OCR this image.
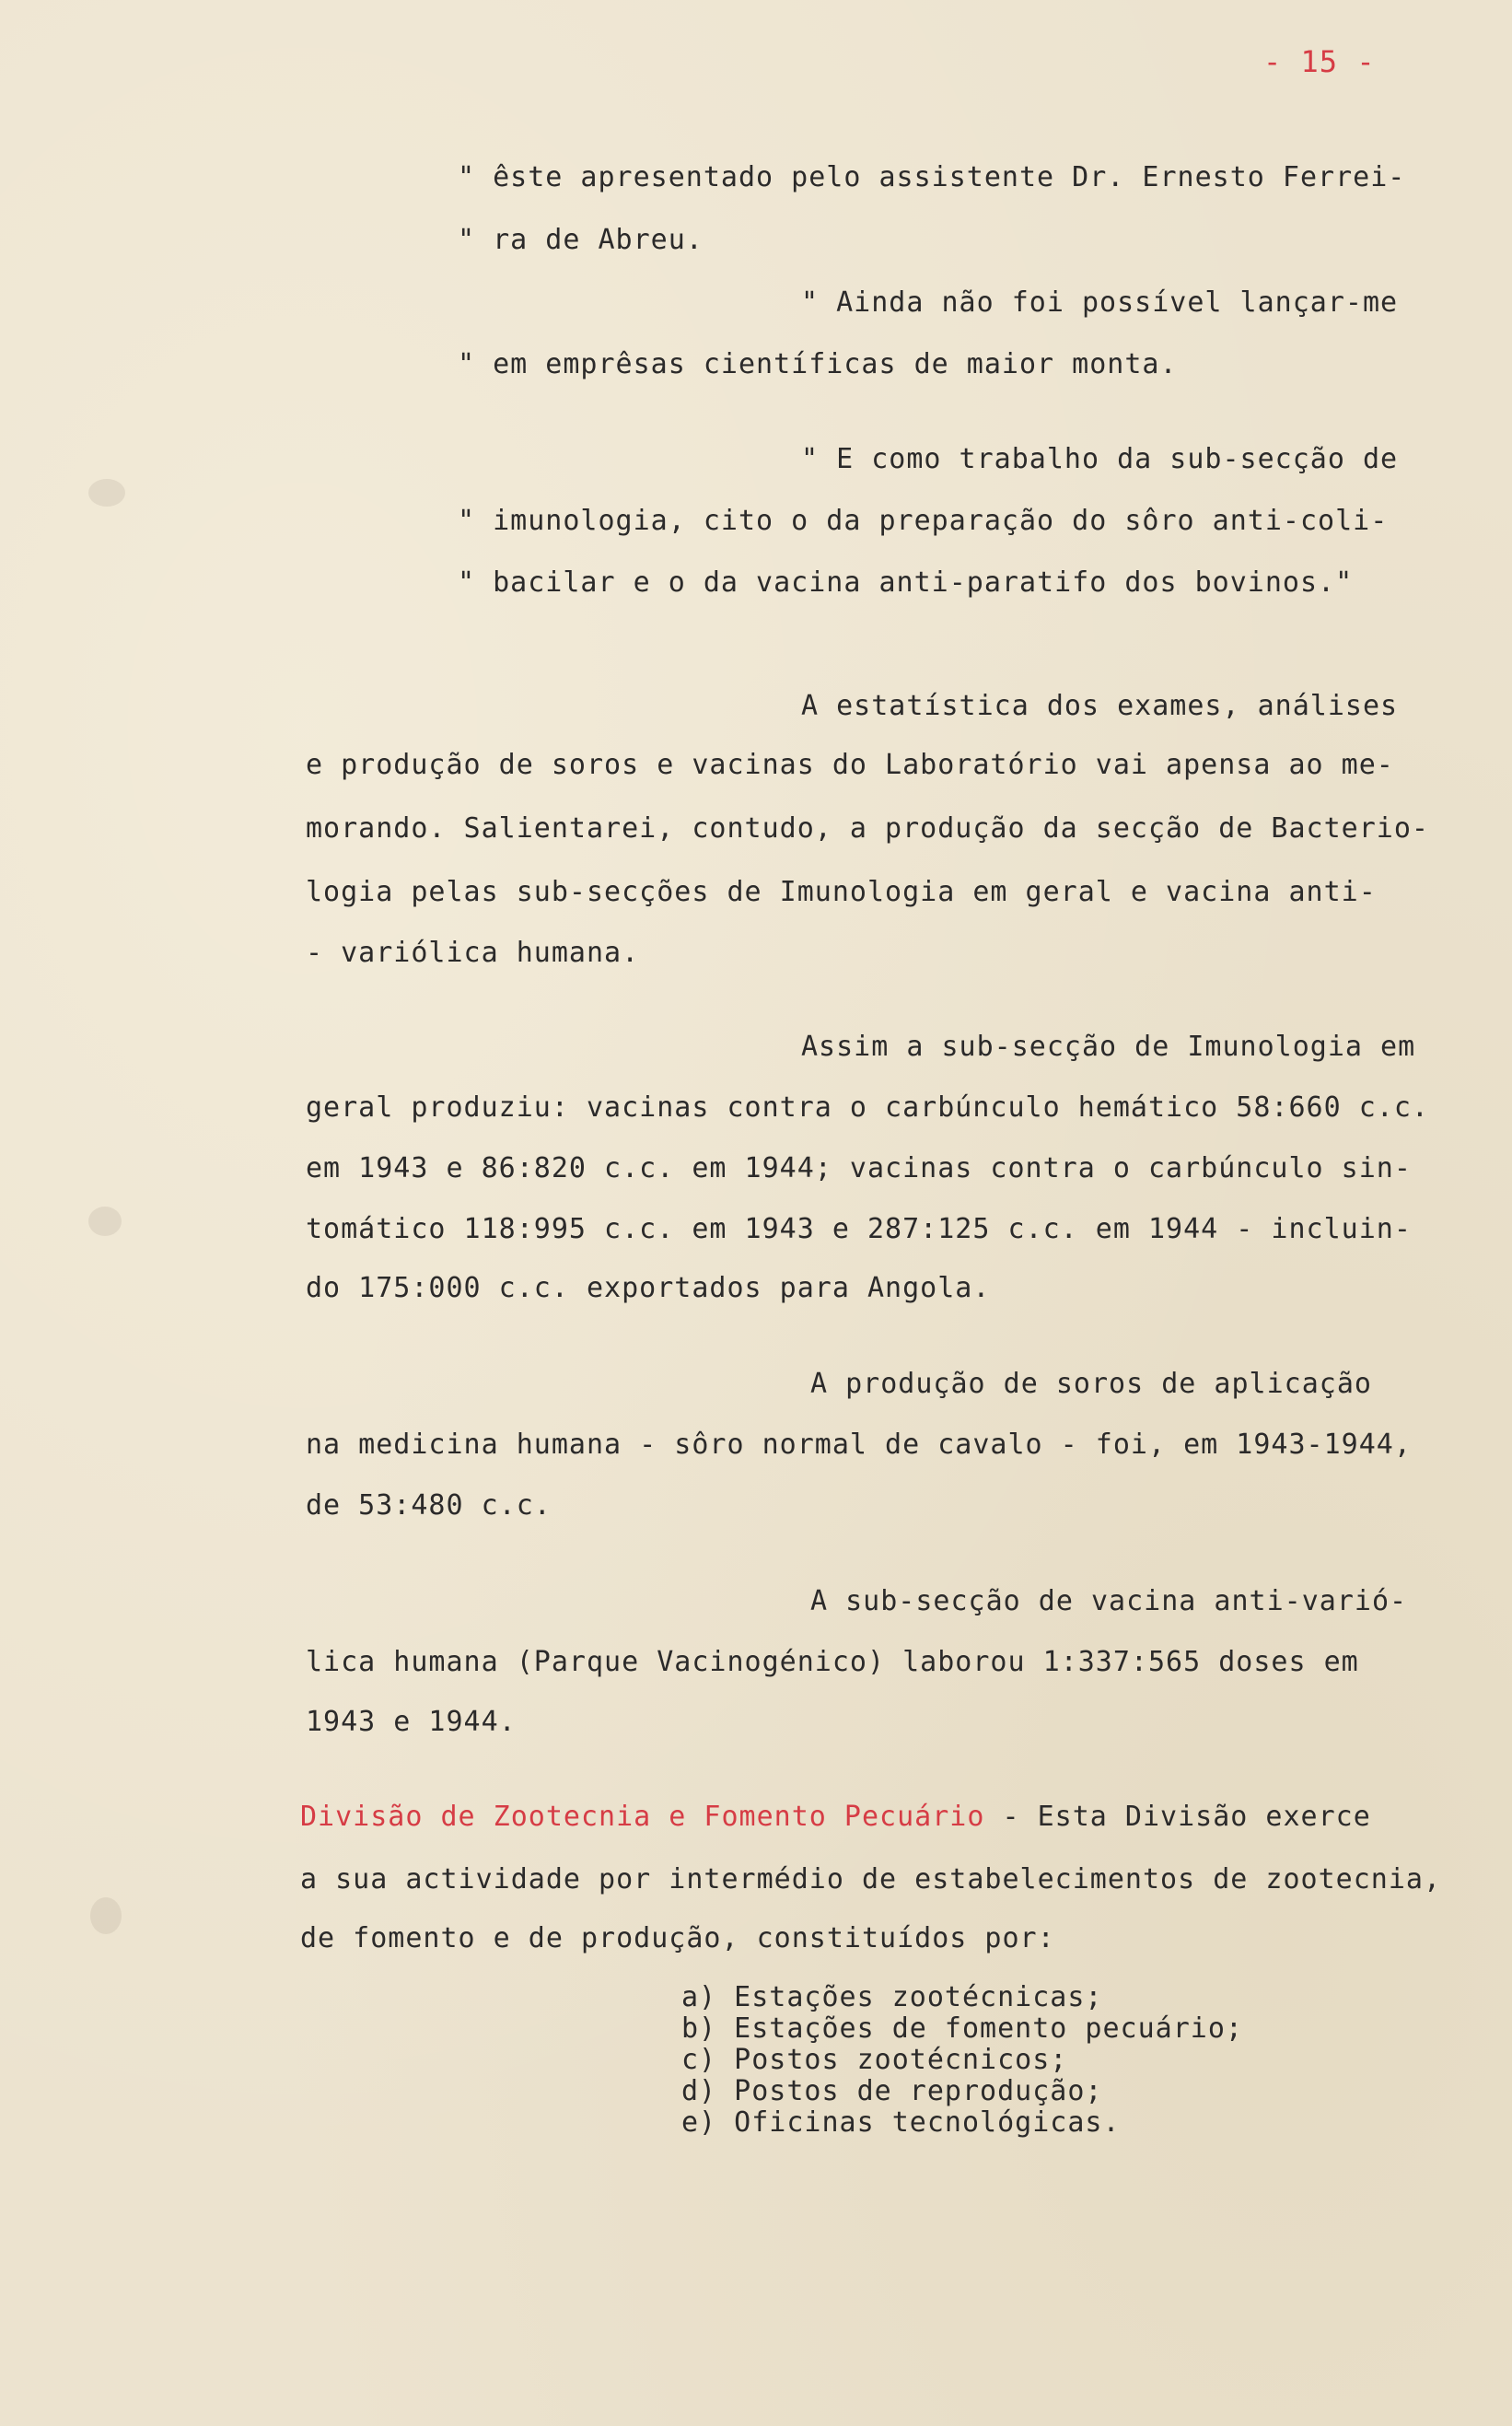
- 15 -
" êste apresentado pelo assistente Dr. Ernesto Ferrei-
" ra de Abreu.
" Ainda não foi possível lançar-me
" em emprêsas científicas de maior monta.
" E como trabalho da sub-secção de
" imunologia, cito o da preparação do sôro anti-coli-
" bacilar e o da vacina anti-paratifo dos bovinos."
A estatística dos exames, análises
e produção de soros e vacinas do Laboratório vai apensa ao me-
morando. Salientarei, contudo, a produção da secção de Bacterio-
logia pelas sub-secções de Imunologia em geral e vacina anti-
- variólica humana.
Assim a sub-secção de Imunologia em
geral produziu: vacinas contra o carbúnculo hemático 58:660 c.c.
em 1943 e 86:820 c.c. em 1944; vacinas contra o carbúnculo sin-
tomático 118:995 c.c. em 1943 e 287:125 c.c. em 1944 - incluin-
do 175:000 c.c. exportados para Angola.
A produção de soros de aplicação
na medicina humana - sôro normal de cavalo - foi, em 1943-1944,
de 53:480 c.c.
A sub-secção de vacina anti-varió-
lica humana (Parque Vacinogénico) laborou 1:337:565 doses em
1943 e 1944.
Divisão de Zootecnia e Fomento Pecuário - Esta Divisão exerce
a sua actividade por intermédio de estabelecimentos de zootecnia,
de fomento e de produção, constituídos por:
a) Estações zootécnicas;
b) Estações de fomento pecuário;
c) Postos zootécnicos;
d) Postos de reprodução;
e) Oficinas tecnológicas.
